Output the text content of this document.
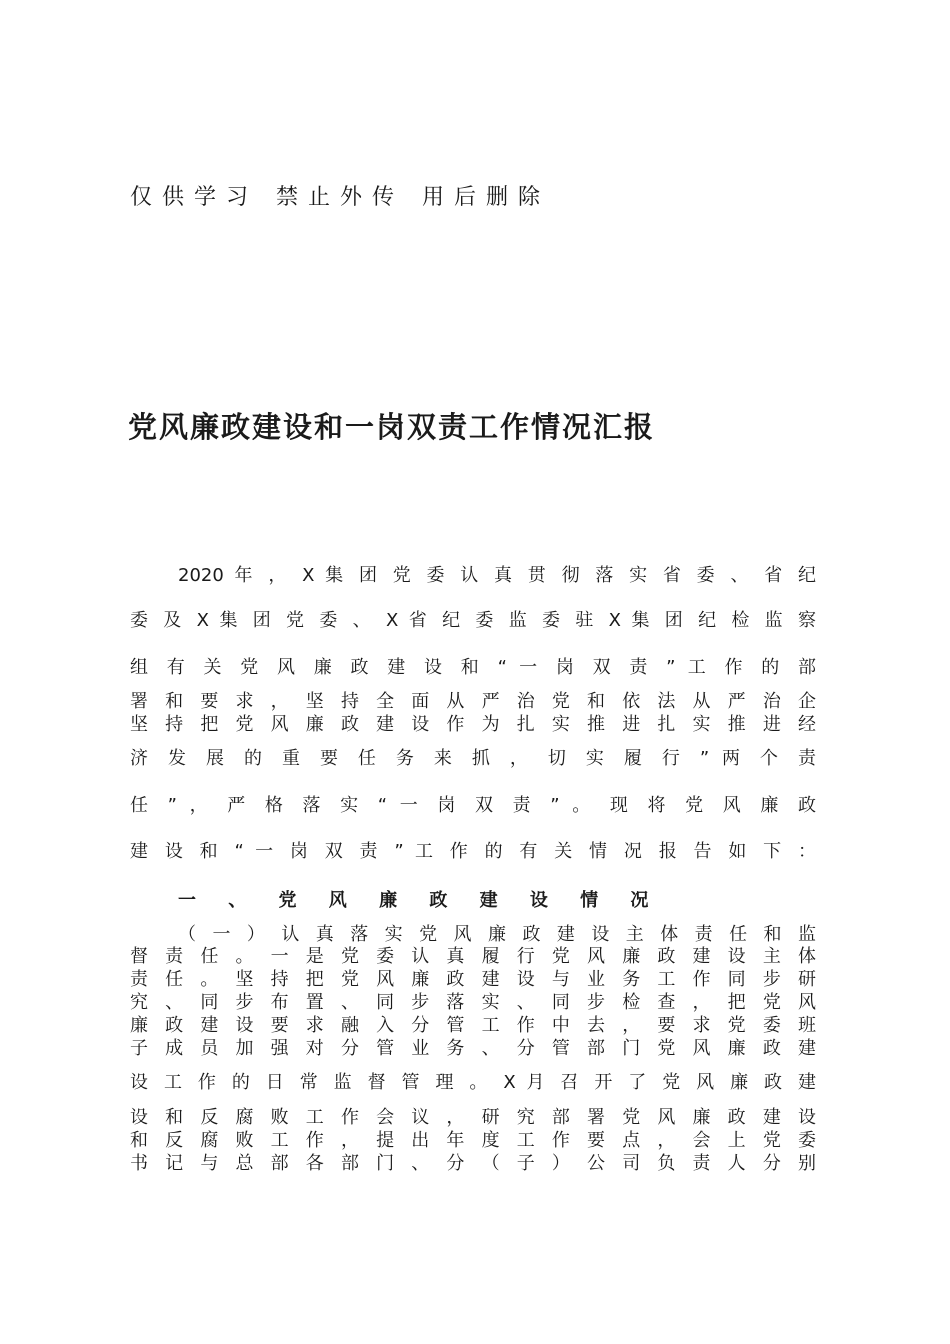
仅供学习 禁止外传 用后删除
党风廉政建设和一岗双责工作情况汇报
2020 年 ， X 集 团 党 委 认 真 贯 彻 落 实 省 委 、 省 纪
委 及 X 集 团 党 委 、 X 省 纪 委 监 委 驻 X 集 团 纪 检 监 察
组 有 关 党 风 廉 政 建 设 和 “ 一 岗 双 责 ” 工 作 的 部
署 和 要 求 ， 坚 持 全 面 从 严 治 党 和 依 法 从 严 治 企
坚 持 把 党 风 廉 政 建 设 作 为 扎 实 推 进 扎 实 推 进 经
济 发 展 的 重 要 任 务 来 抓 ， 切 实 履 行 ” 两 个 责
任 ” ， 严 格 落 实 “ 一 岗 双 责 ” 。 现 将 党 风 廉 政
建 设 和 “ 一 岗 双 责 ” 工 作 的 有 关 情 况 报 告 如 下 ：
一 、 党 风 廉 政 建 设 情 况
（ 一 ） 认 真 落 实 党 风 廉 政 建 设 主 体 责 任 和 监
督 责 任 。 一 是 党 委 认 真 履 行 党 风 廉 政 建 设 主 体
责 任 。 坚 持 把 党 风 廉 政 建 设 与 业 务 工 作 同 步 研
究 、 同 步 布 置 、 同 步 落 实 、 同 步 检 查 ， 把 党 风
廉 政 建 设 要 求 融 入 分 管 工 作 中 去 ， 要 求 党 委 班
子 成 员 加 强 对 分 管 业 务 、 分 管 部 门 党 风 廉 政 建
设 工 作 的 日 常 监 督 管 理 。 X 月 召 开 了 党 风 廉 政 建
设 和 反 腐 败 工 作 会 议 ， 研 究 部 署 党 风 廉 政 建 设
和 反 腐 败 工 作 ， 提 出 年 度 工 作 要 点 ， 会 上 党 委
书 记 与 总 部 各 部 门 、 分 （ 子 ） 公 司 负 责 人 分 别
